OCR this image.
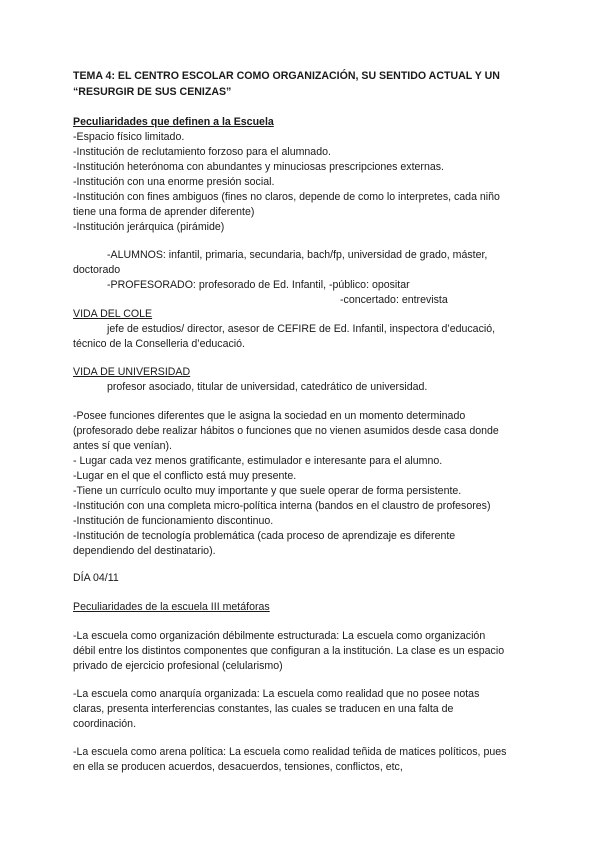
TEMA 4: EL CENTRO ESCOLAR COMO ORGANIZACIÓN, SU SENTIDO ACTUAL Y UN
“RESURGIR DE SUS CENIZAS”
Peculiaridades que definen a la Escuela
-Espacio físico limitado.
-Institución de reclutamiento forzoso para el alumnado.
-Institución heterónoma con abundantes y minuciosas prescripciones externas.
-Institución con una enorme presión social.
-Institución con fines ambiguos (fines no claros, depende de como lo interpretes, cada niño
tiene una forma de aprender diferente)
-Institución jerárquica (pirámide)
-ALUMNOS: infantil, primaria, secundaria, bach/fp, universidad de grado, máster,
doctorado
-PROFESORADO: profesorado de Ed. Infantil, -público: opositar
-concertado: entrevista
VIDA DEL COLE
jefe de estudios/ director, asesor de CEFIRE de Ed. Infantil, inspectora d’educació,
técnico de la Conselleria d’educació.
VIDA DE UNIVERSIDAD
profesor asociado, titular de universidad, catedrático de universidad.
-Posee funciones diferentes que le asigna la sociedad en un momento determinado
(profesorado debe realizar hábitos o funciones que no vienen asumidos desde casa donde
antes sí que venían).
- Lugar cada vez menos gratificante, estimulador e interesante para el alumno.
-Lugar en el que el conflicto está muy presente.
-Tiene un currículo oculto muy importante y que suele operar de forma persistente.
-Institución con una completa micro-política interna (bandos en el claustro de profesores)
-Institución de funcionamiento discontinuo.
-Institución de tecnología problemática (cada proceso de aprendizaje es diferente
dependiendo del destinatario).
DÍA 04/11
Peculiaridades de la escuela III metáforas
-La escuela como organización débilmente estructurada: La escuela como organización
débil entre los distintos componentes que configuran a la institución. La clase es un espacio
privado de ejercicio profesional (celularismo)
-La escuela como anarquía organizada: La escuela como realidad que no posee notas
claras, presenta interferencias constantes, las cuales se traducen en una falta de
coordinación.
-La escuela como arena política: La escuela como realidad teñida de matices políticos, pues
en ella se producen acuerdos, desacuerdos, tensiones, conflictos, etc,
